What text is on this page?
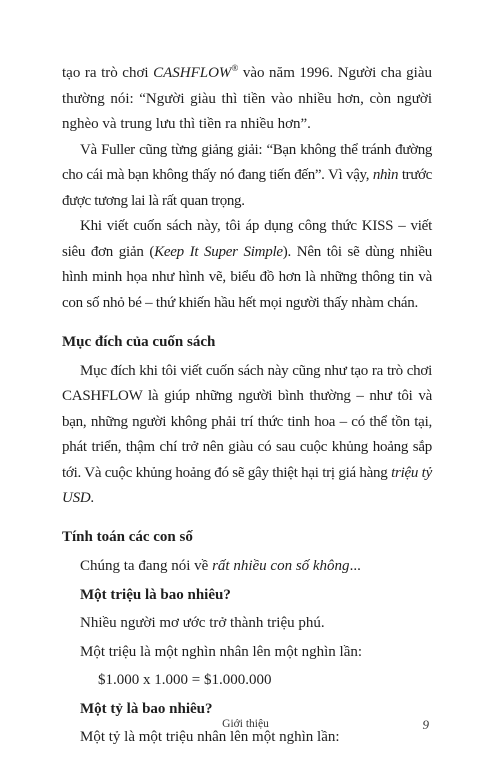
tạo ra trò chơi CASHFLOW® vào năm 1996. Người cha giàu thường nói: “Người giàu thì tiền vào nhiều hơn, còn người nghèo và trung lưu thì tiền ra nhiều hơn”.

Và Fuller cũng từng giảng giải: “Bạn không thể tránh đường cho cái mà bạn không thấy nó đang tiến đến”. Vì vậy, nhìn trước được tương lai là rất quan trọng.

Khi viết cuốn sách này, tôi áp dụng công thức KISS – viết siêu đơn giản (Keep It Super Simple). Nên tôi sẽ dùng nhiều hình minh họa như hình vẽ, biểu đồ hơn là những thông tin và con số nhỏ bé – thứ khiến hầu hết mọi người thấy nhàm chán.

Mục đích của cuốn sách

Mục đích khi tôi viết cuốn sách này cũng như tạo ra trò chơi CASHFLOW là giúp những người bình thường – như tôi và bạn, những người không phải trí thức tinh hoa – có thể tồn tại, phát triển, thậm chí trở nên giàu có sau cuộc khủng hoảng sắp tới. Và cuộc khủng hoảng đó sẽ gây thiệt hại trị giá hàng triệu tỷ USD.

Tính toán các con số

Chúng ta đang nói về rất nhiều con số không...

Một triệu là bao nhiêu?

Nhiều người mơ ước trở thành triệu phú.

Một triệu là một nghìn nhân lên một nghìn lần:

$1.000 x 1.000 = $1.000.000

Một tỷ là bao nhiêu?

Một tỷ là một triệu nhân lên một nghìn lần:

Giới thiệu	9
